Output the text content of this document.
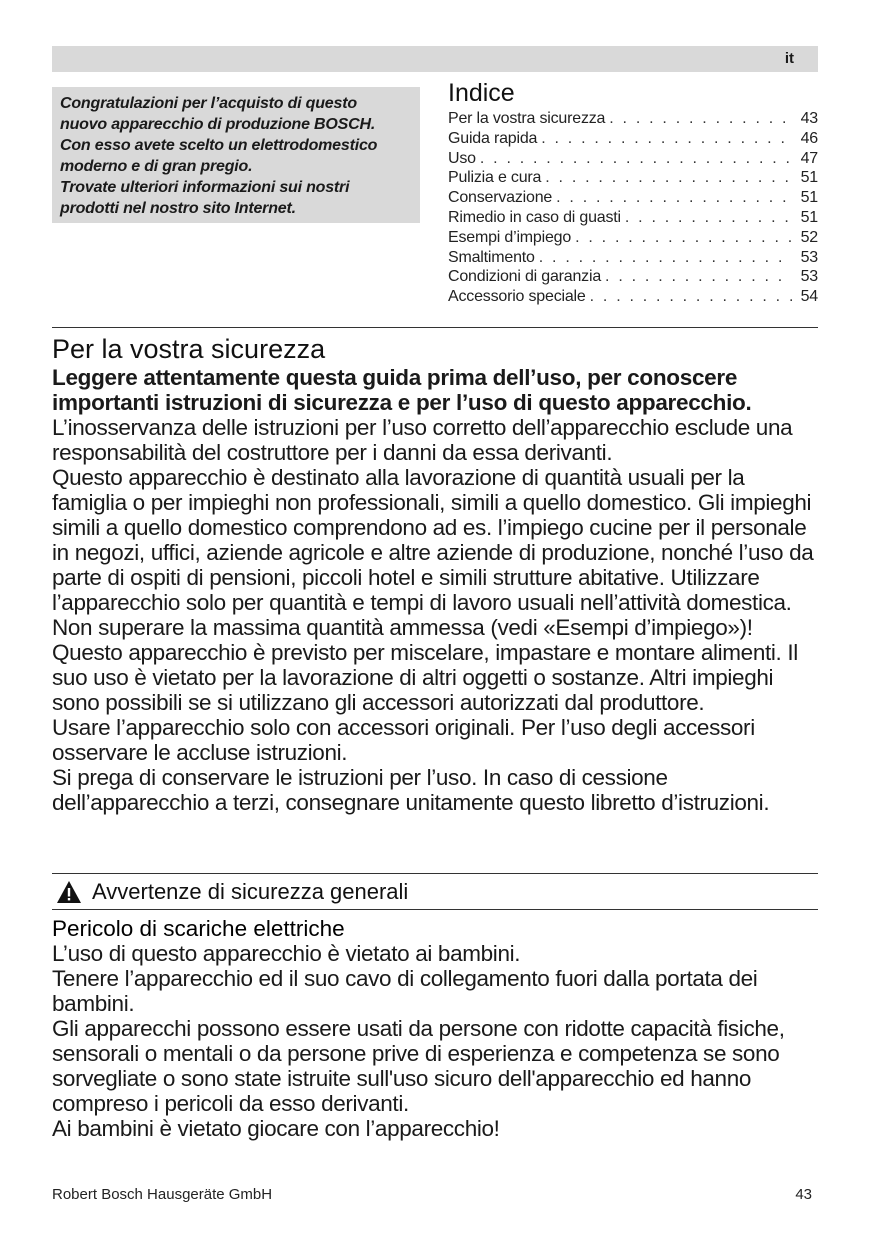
it

Congratulazioni per l’acquisto di questo

nuovo apparecchio di produzione BOSCH.

Con esso avete scelto un elettrodomestico

moderno e di gran pregio.

Trovate ulteriori informazioni sui nostri

prodotti nel nostro sito Internet.

Indice
Per la vostra sicurezza . . .	43
Guida rapida . . .	46
Uso . . .	47
Pulizia e cura . . .	51
Conservazione . . .	51
Rimedio in caso di guasti . . .	51
Esempi d’impiego . . .	52
Smaltimento . . .	53
Condizioni di garanzia . . .	53
Accessorio speciale . . .	54
Per la vostra sicurezza

Leggere attentamente questa guida prima dell’uso, per conoscere importanti istruzioni di sicurezza e per l’uso di questo apparecchio.

L’inosservanza delle istruzioni per l’uso corretto dell’apparecchio esclude una responsabilità del costruttore per i danni da essa derivanti.

Questo apparecchio è destinato alla lavorazione di quantità usuali per la famiglia o per impieghi non professionali, simili a quello domestico. Gli impieghi simili a quello domestico comprendono ad es. l’impiego cucine per il personale in negozi, uffici, aziende agricole e altre aziende di produzione, nonché l’uso da parte di ospiti di pensioni, piccoli hotel e simili strutture abitative. Utilizzare l’apparecchio solo per quantità e tempi di lavoro usuali nell’attività domestica. Non superare la massima quantità ammessa (vedi «Esempi d’impiego»)!

Questo apparecchio è previsto per miscelare, impastare e montare alimenti. Il suo uso è vietato per la lavorazione di altri oggetti o sostanze. Altri impieghi sono possibili se si utilizzano gli accessori autorizzati dal produttore.

Usare l’apparecchio solo con accessori originali. Per l’uso degli accessori osservare le accluse istruzioni.

Si prega di conservare le istruzioni per l’uso. In caso di cessione dell’apparecchio a terzi, consegnare unitamente questo libretto d’istruzioni.

Avvertenze di sicurezza generali

Pericolo di scariche elettriche

L’uso di questo apparecchio è vietato ai bambini.

Tenere l’apparecchio ed il suo cavo di collegamento fuori dalla portata dei bambini.

Gli apparecchi possono essere usati da persone con ridotte capacità fisiche, sensorali o mentali o da persone prive di esperienza e competenza se sono sorvegliate o sono state istruite sull'uso sicuro dell'apparecchio ed hanno compreso i pericoli da esso derivanti.

Ai bambini è vietato giocare con l’apparecchio!

Robert Bosch Hausgeräte GmbH	43
